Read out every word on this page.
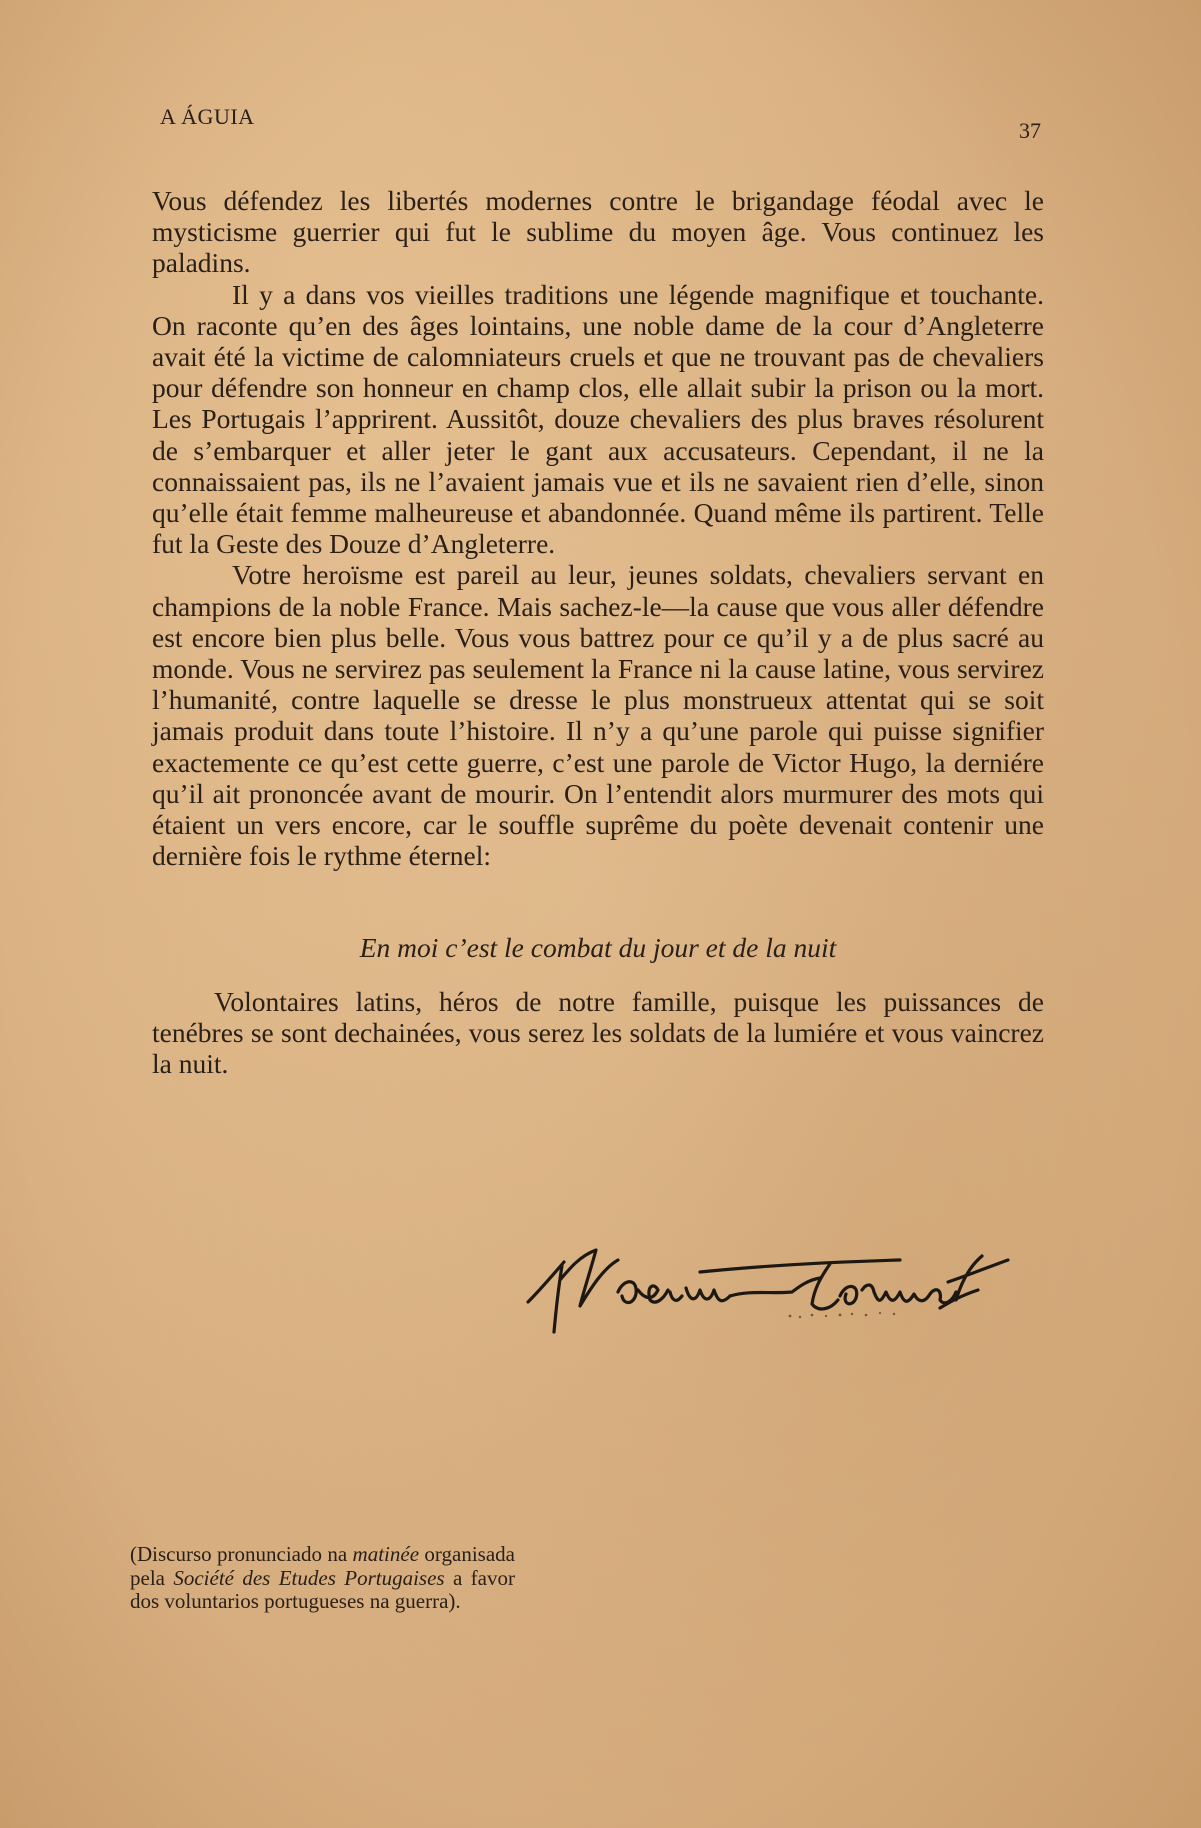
A ÁGUIA
37

Vous défendez les libertés modernes contre le brigandage féodal avec le mysticisme guerrier qui fut le sublime du moyen âge. Vous continuez les paladins.

Il y a dans vos vieilles traditions une légende magnifique et touchante. On raconte qu’en des âges lointains, une noble dame de la cour d’Angleterre avait été la victime de calomniateurs cruels et que ne trouvant pas de chevaliers pour défendre son honneur en champ clos, elle allait subir la prison ou la mort. Les Portugais l’apprirent. Aussitôt, douze chevaliers des plus braves résolurent de s’embarquer et aller jeter le gant aux accusateurs. Cependant, il ne la connaissaient pas, ils ne l’avaient jamais vue et ils ne savaient rien d’elle, sinon qu’elle était femme malheureuse et abandonnée. Quand même ils partirent. Telle fut la Geste des Douze d’Angleterre.

Votre heroïsme est pareil au leur, jeunes soldats, chevaliers servant en champions de la noble France. Mais sachez-le—la cause que vous aller défendre est encore bien plus belle. Vous vous battrez pour ce qu’il y a de plus sacré au monde. Vous ne servirez pas seulement la France ni la cause latine, vous servirez l’humanité, contre laquelle se dresse le plus monstrueux attentat qui se soit jamais produit dans toute l’histoire. Il n’y a qu’une parole qui puisse signifier exactemente ce qu’est cette guerre, c’est une parole de Victor Hugo, la derniére qu’il ait prononcée avant de mourir. On l’entendit alors murmurer des mots qui étaient un vers encore, car le souffle suprême du poète devenait contenir une dernière fois le rythme éternel:

En moi c’est le combat du jour et de la nuit

Volontaires latins, héros de notre famille, puisque les puissances de tenébres se sont dechainées, vous serez les soldats de la lumiére et vous vaincrez la nuit.

(Discurso pronunciado na matinée organisada pela Société des Etudes Portugaises a favor dos voluntarios portugueses na guerra).
